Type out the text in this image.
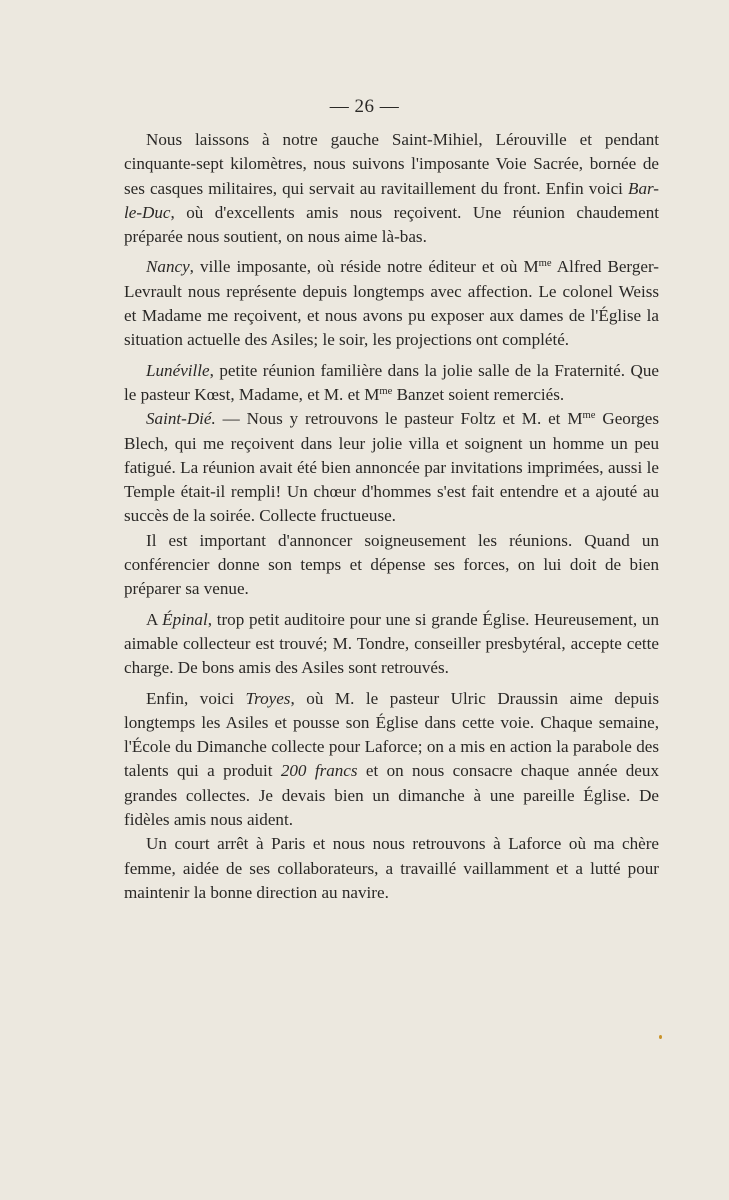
— 26 —

Nous laissons à notre gauche Saint-Mihiel, Lérouville et pendant cinquante-sept kilomètres, nous suivons l'imposante Voie Sacrée, bornée de ses casques militaires, qui servait au ravitaillement du front. Enfin voici Bar-le-Duc, où d'excellents amis nous reçoivent. Une réunion chaudement préparée nous soutient, on nous aime là-bas.

Nancy, ville imposante, où réside notre éditeur et où $M^{me}$ Alfred Berger-Levrault nous représente depuis longtemps avec affection. Le colonel Weiss et Madame me reçoivent, et nous avons pu exposer aux dames de l'Église la situation actuelle des Asiles; le soir, les projections ont complété.

Lunéville, petite réunion familière dans la jolie salle de la Fraternité. Que le pasteur Kœst, Madame, et M. et $M^{me}$ Banzet soient remerciés.

Saint-Dié. — Nous y retrouvons le pasteur Foltz et M. et $M^{me}$ Georges Blech, qui me reçoivent dans leur jolie villa et soignent un homme un peu fatigué. La réunion avait été bien annoncée par invitations imprimées, aussi le Temple était-il rempli! Un chœur d'hommes s'est fait entendre et a ajouté au succès de la soirée. Collecte fructueuse.

Il est important d'annoncer soigneusement les réunions. Quand un conférencier donne son temps et dépense ses forces, on lui doit de bien préparer sa venue.

A Épinal, trop petit auditoire pour une si grande Église. Heureusement, un aimable collecteur est trouvé; M. Tondre, conseiller presbytéral, accepte cette charge. De bons amis des Asiles sont retrouvés.

Enfin, voici Troyes, où M. le pasteur Ulric Draussin aime depuis longtemps les Asiles et pousse son Église dans cette voie. Chaque semaine, l'École du Dimanche collecte pour Laforce; on a mis en action la parabole des talents qui a produit 200 francs et on nous consacre chaque année deux grandes collectes. Je devais bien un dimanche à une pareille Église. De fidèles amis nous aident.

Un court arrêt à Paris et nous nous retrouvons à Laforce où ma chère femme, aidée de ses collaborateurs, a travaillé vaillamment et a lutté pour maintenir la bonne direction au navire.
